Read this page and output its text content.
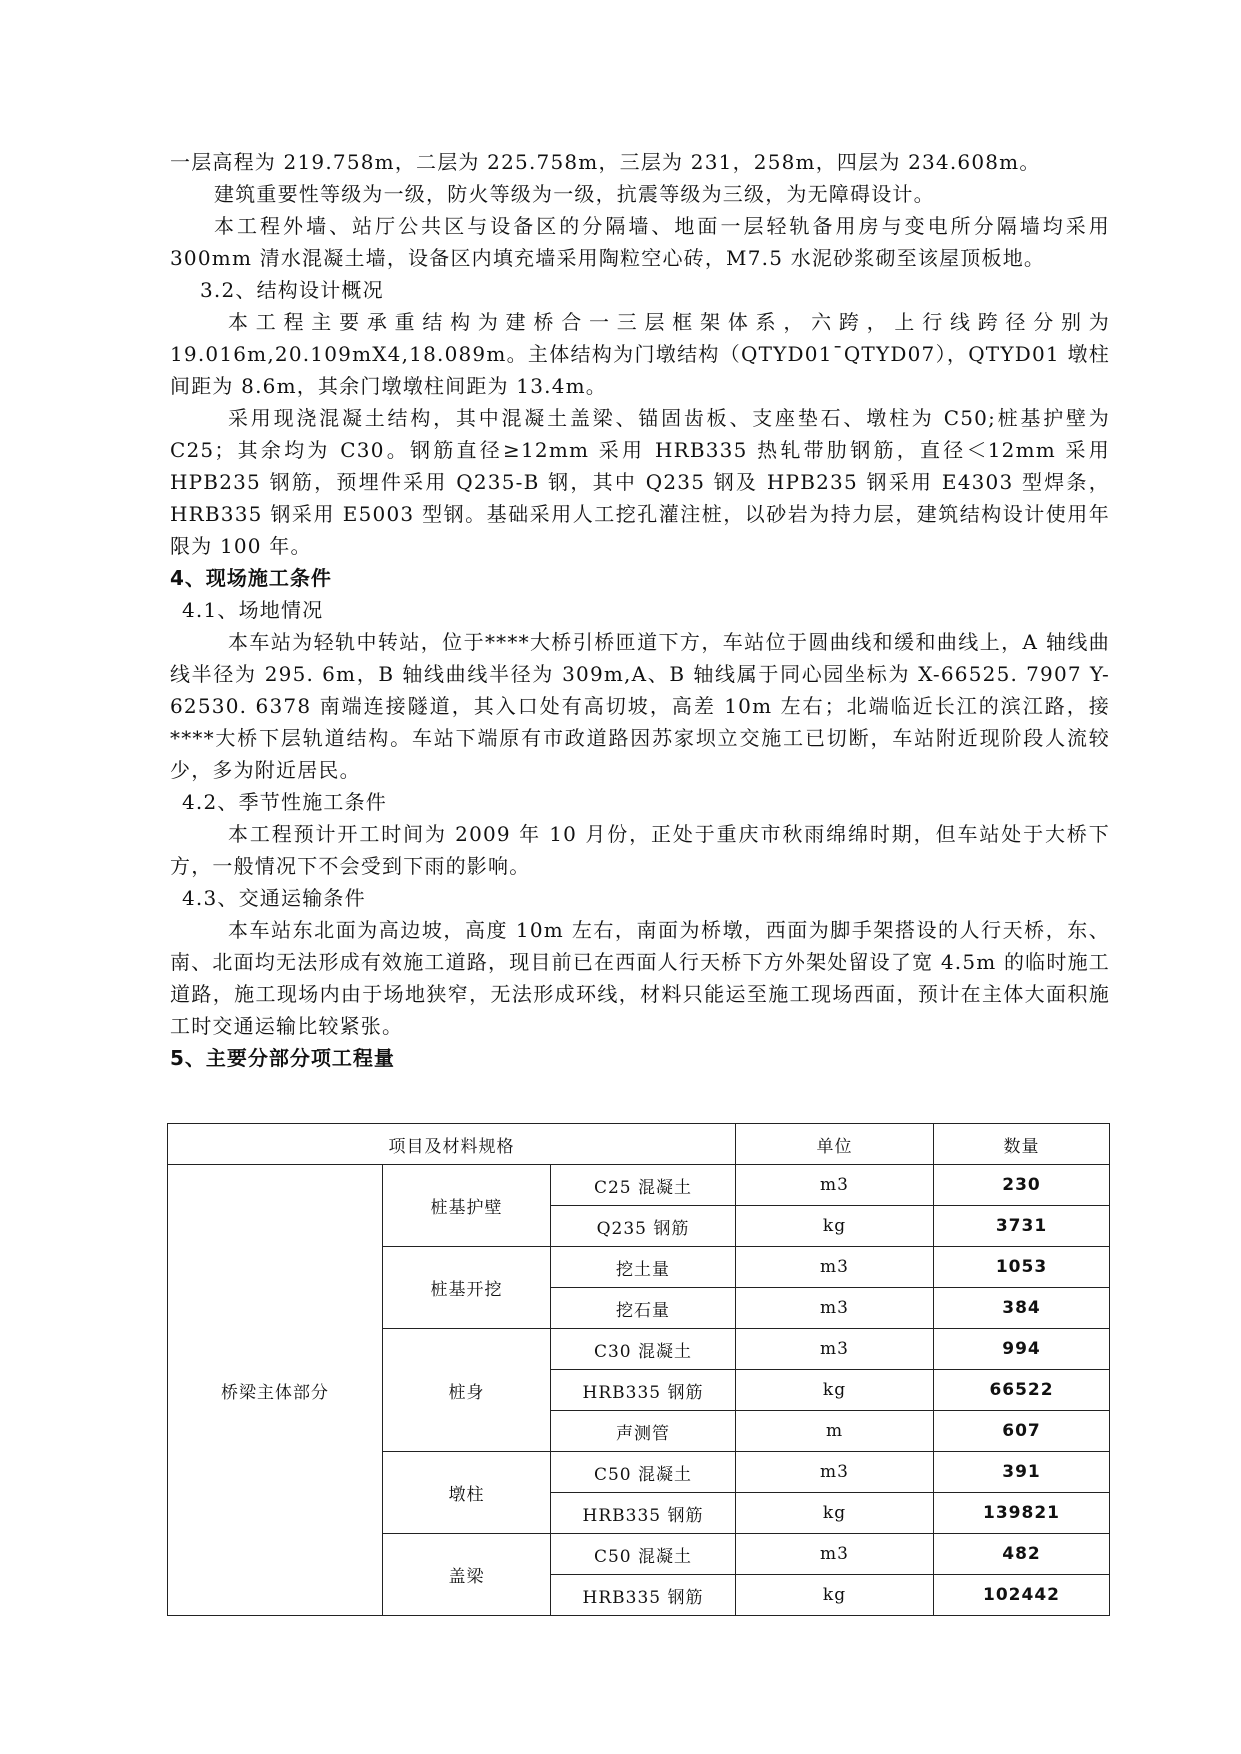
一层高程为 219.758m，二层为 225.758m，三层为 231，258m，四层为 234.608m。

建筑重要性等级为一级，防火等级为一级，抗震等级为三级，为无障碍设计。

本工程外墙、站厅公共区与设备区的分隔墙、地面一层轻轨备用房与变电所分隔墙均采用 300mm 清水混凝土墙，设备区内填充墙采用陶粒空心砖，M7.5 水泥砂浆砌至该屋顶板地。

3.2、结构设计概况

本工程主要承重结构为建桥合一三层框架体系，六跨，上行线跨径分别为 19.016m,20.109mX4,18.089m。主体结构为门墩结构（QTYD01¯QTYD07），QTYD01 墩柱间距为 8.6m，其余门墩墩柱间距为 13.4m。

采用现浇混凝土结构，其中混凝土盖梁、锚固齿板、支座垫石、墩柱为 C50;桩基护壁为 C25；其余均为 C30。钢筋直径≥12mm 采用 HRB335 热轧带肋钢筋，直径＜12mm 采用 HPB235 钢筋，预埋件采用 Q235-B 钢，其中 Q235 钢及 HPB235 钢采用 E4303 型焊条，HRB335 钢采用 E5003 型钢。基础采用人工挖孔灌注桩，以砂岩为持力层，建筑结构设计使用年限为 100 年。

4、现场施工条件

4.1、场地情况

本车站为轻轨中转站，位于****大桥引桥匝道下方，车站位于圆曲线和缓和曲线上，A 轴线曲线半径为 295. 6m，B 轴线曲线半径为 309m,A、B 轴线属于同心园坐标为 X-66525. 7907 Y-62530. 6378 南端连接隧道，其入口处有高切坡，高差 10m 左右；北端临近长江的滨江路，接****大桥下层轨道结构。车站下端原有市政道路因苏家坝立交施工已切断，车站附近现阶段人流较少，多为附近居民。

4.2、季节性施工条件

本工程预计开工时间为 2009 年 10 月份，正处于重庆市秋雨绵绵时期，但车站处于大桥下方，一般情况下不会受到下雨的影响。

4.3、交通运输条件

本车站东北面为高边坡，高度 10m 左右，南面为桥墩，西面为脚手架搭设的人行天桥，东、南、北面均无法形成有效施工道路，现目前已在西面人行天桥下方外架处留设了宽 4.5m 的临时施工道路，施工现场内由于场地狭窄，无法形成环线，材料只能运至施工现场西面，预计在主体大面积施工时交通运输比较紧张。

5、主要分部分项工程量

项目及材料规格			单位	数量
桥梁主体部分	桩基护壁	C25 混凝土	m3	230
		Q235 钢筋	kg	3731
	桩基开挖	挖土量	m3	1053
		挖石量	m3	384
	桩身	C30 混凝土	m3	994
		HRB335 钢筋	kg	66522
		声测管	m	607
	墩柱	C50 混凝土	m3	391
		HRB335 钢筋	kg	139821
	盖梁	C50 混凝土	m3	482
		HRB335 钢筋	kg	102442
